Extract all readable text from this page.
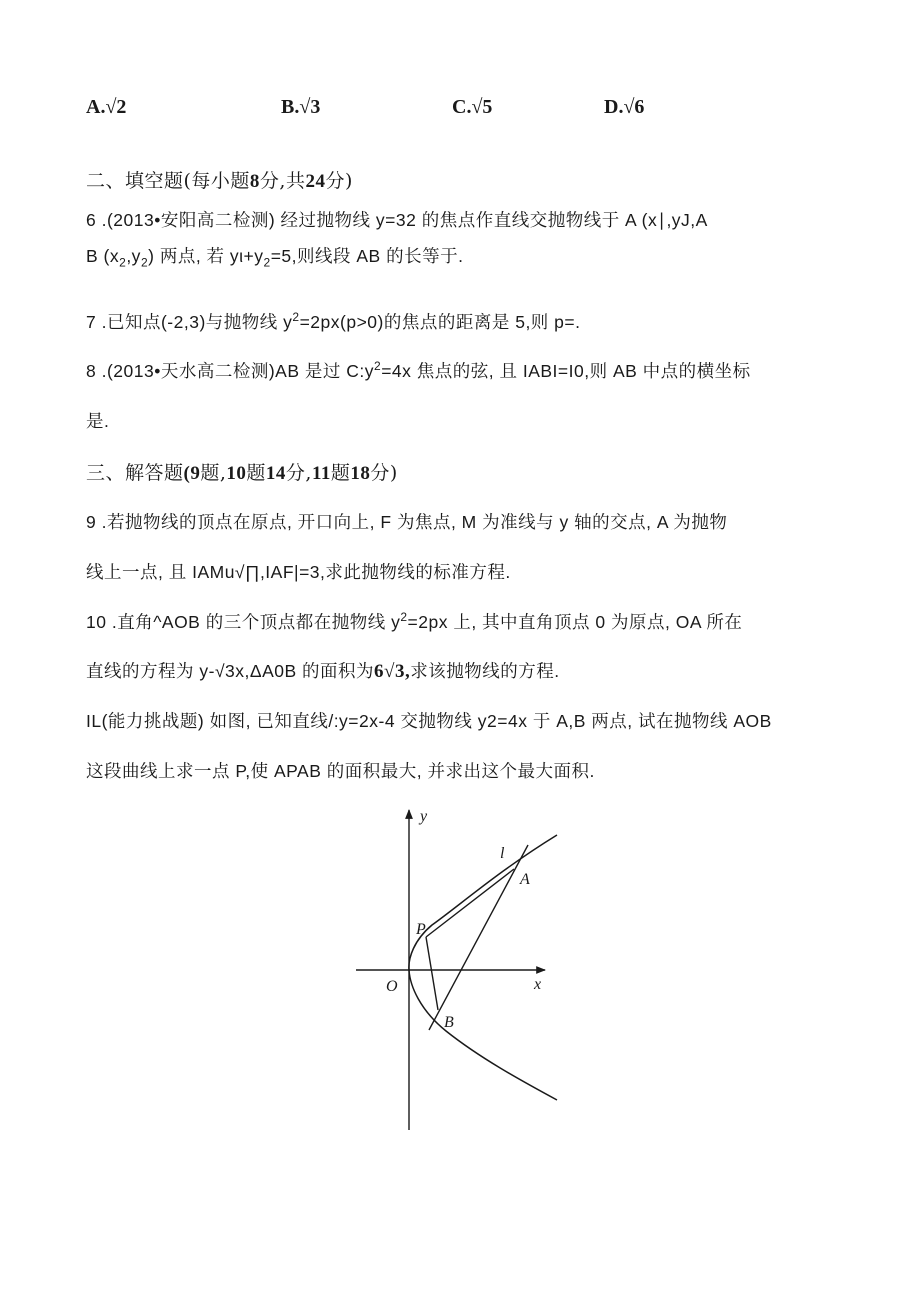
A.√2	B.√3	C.√5	D.√6
二、填空题(每小题8分,共24分)
6 .(2013•安阳高二检测) 经过抛物线 y=32 的焦点作直线交抛物线于 A (x∣,yJ,A
B $(x_2,y_2)$ 两点, 若 $y\iota+y_2=5$,则线段 AB 的长等于.
7 .已知点(-2,3)与抛物线 $y^2=2px(p>0)$的焦点的距离是 5,则 p=.
8 .(2013•天水高二检测)AB 是过 $C:y^2=4x$ 焦点的弦, 且 IABI=I0,则 AB 中点的横坐标
是.
三、解答题(9题,10题14分,11题18分)
9 .若抛物线的顶点在原点, 开口向上, F 为焦点, M 为准线与 y 轴的交点, A 为抛物
线上一点, 且 IAMu√∏,IAF|=3,求此抛物线的标准方程.
10 .直角^AOB 的三个顶点都在抛物线 $y^2=2px$ 上, 其中直角顶点 0 为原点, OA 所在
直线的方程为 y-√3x,ΔA0B 的面积为6√3,求该抛物线的方程.
IL(能力挑战题) 如图, 已知直线/:y=2x-4 交抛物线 y2=4x 于 A,B 两点, 试在抛物线 AOB
这段曲线上求一点 P,使 APAB 的面积最大, 并求出这个最大面积.
y
x
O
l
A
P
B
